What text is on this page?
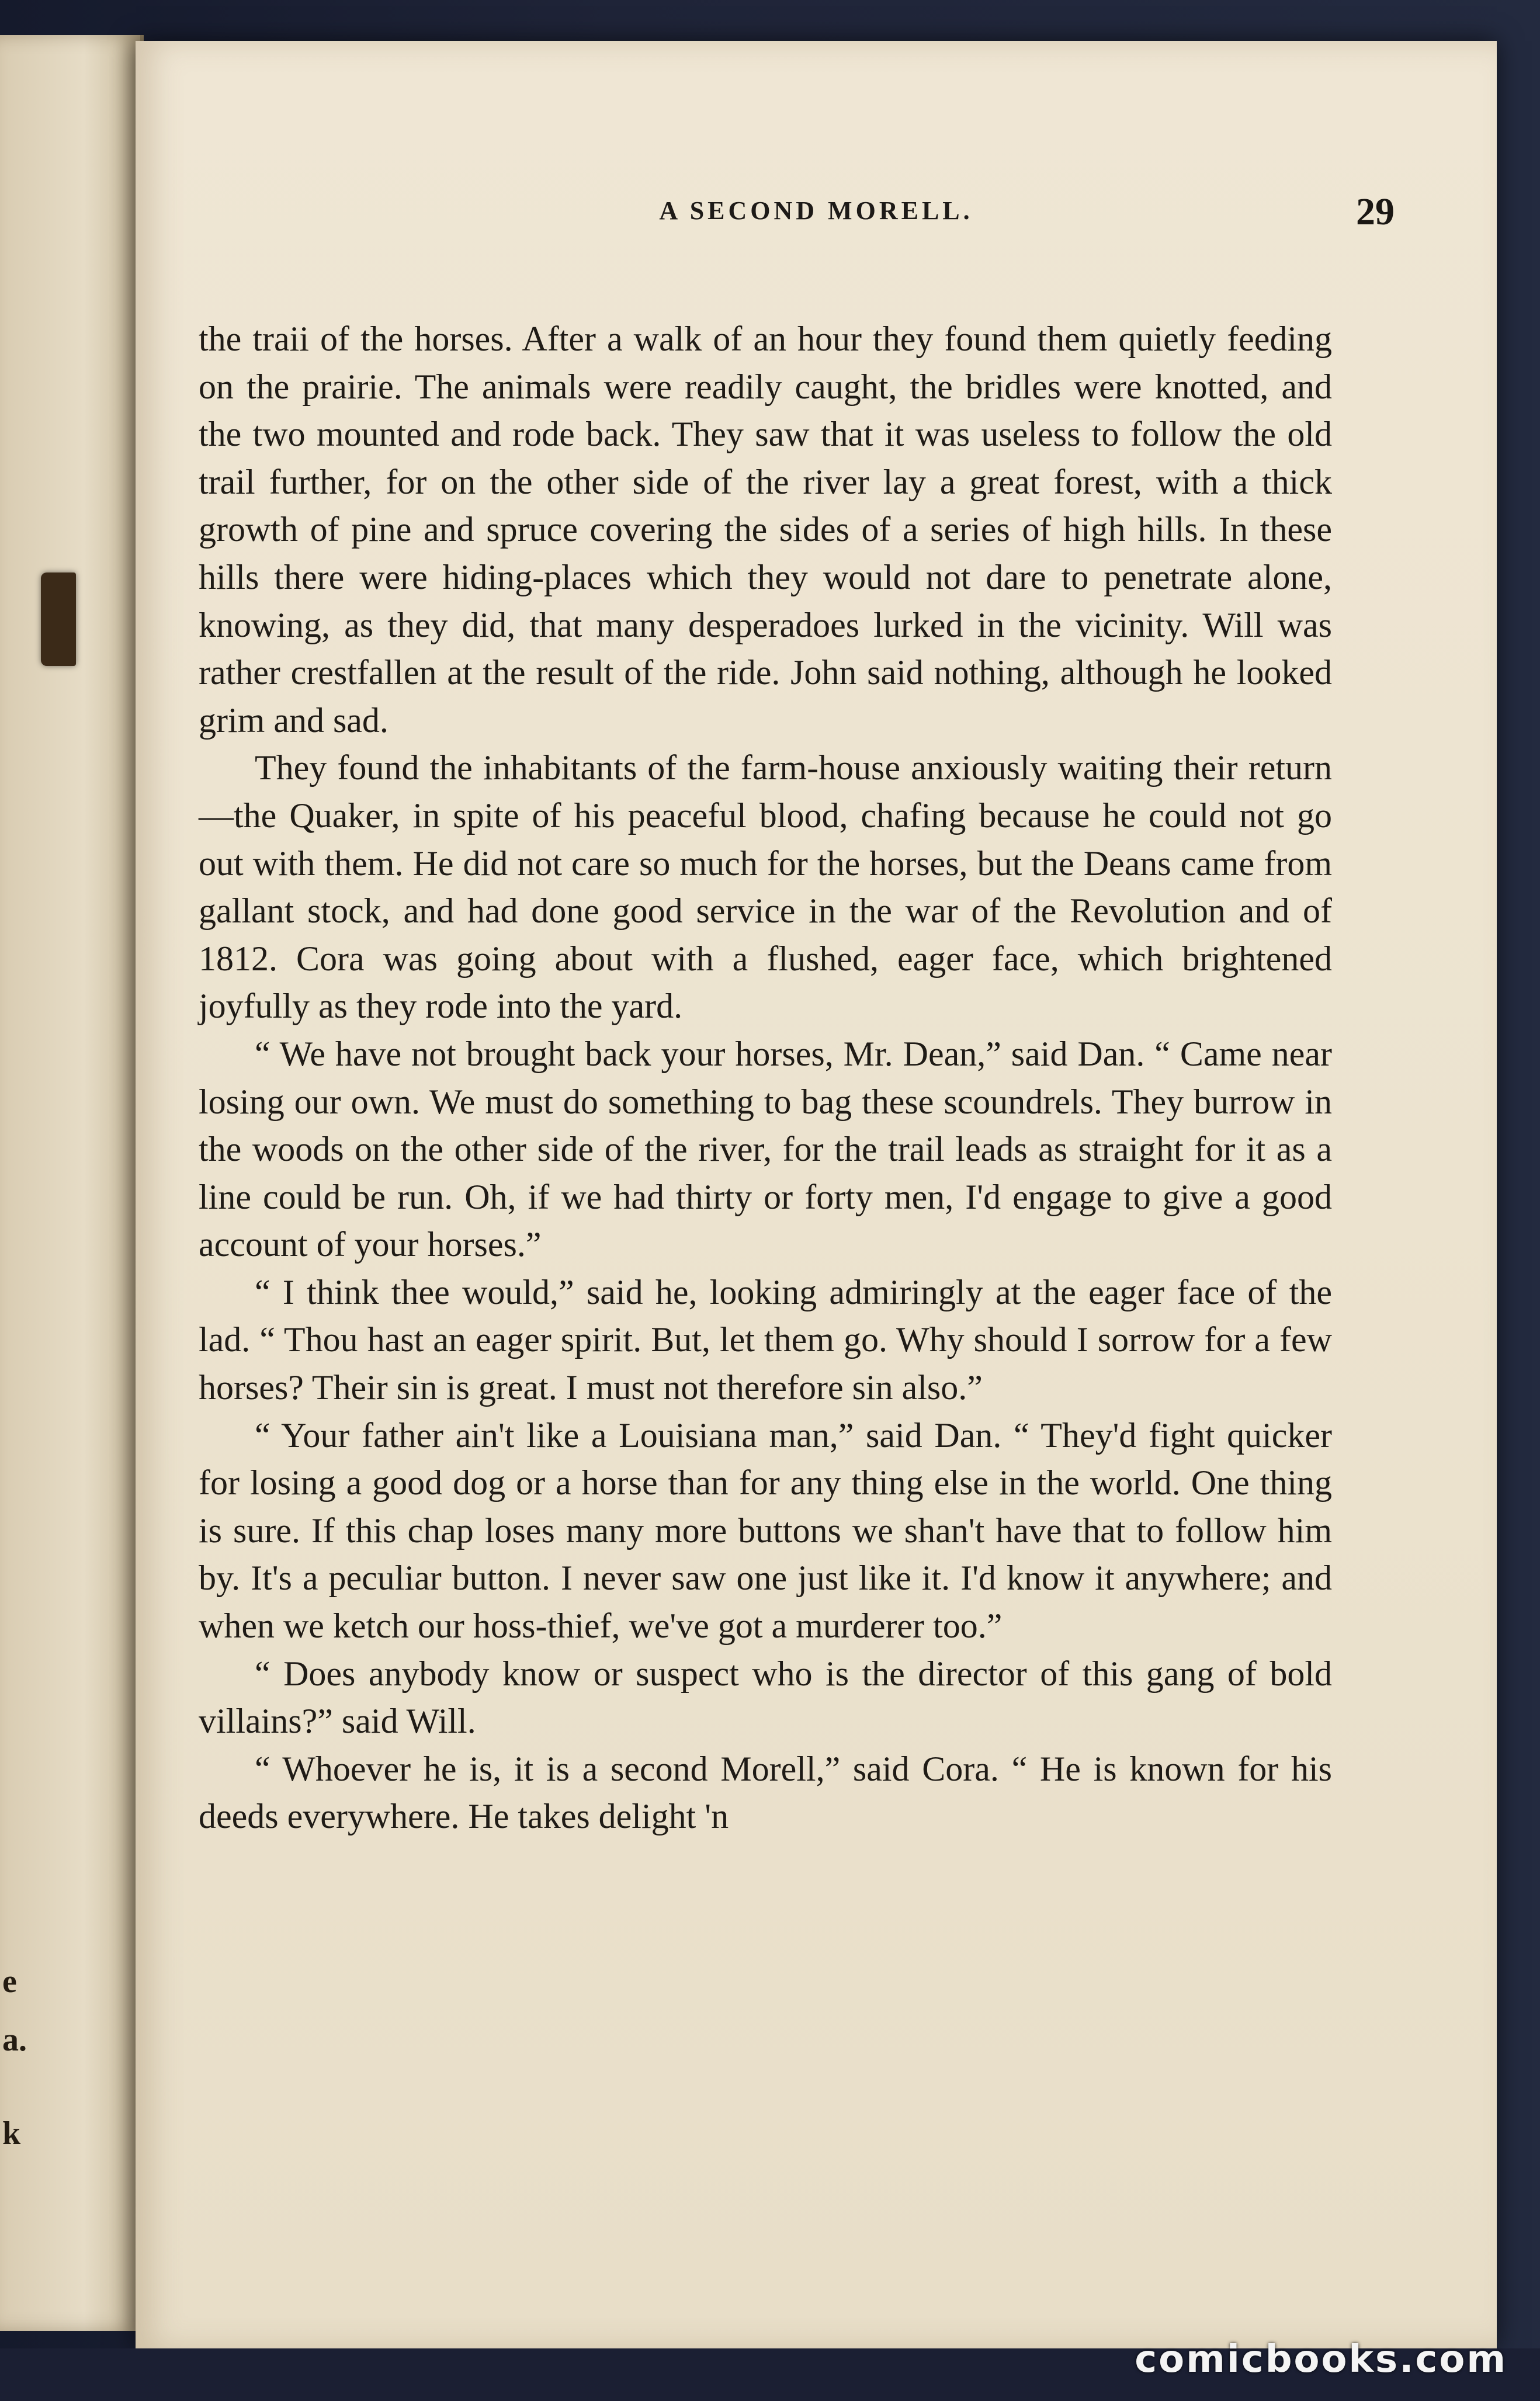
e
a.
k
A SECOND MORELL.	29

the traii of the horses. After a walk of an hour they found them quietly feeding on the prairie. The animals were readily caught, the bridles were knotted, and the two mounted and rode back. They saw that it was useless to follow the old trail further, for on the other side of the river lay a great forest, with a thick growth of pine and spruce covering the sides of a series of high hills. In these hills there were hiding-places which they would not dare to penetrate alone, knowing, as they did, that many desperadoes lurked in the vicinity. Will was rather crestfallen at the result of the ride. John said nothing, although he looked grim and sad.

They found the inhabitants of the farm-house anxiously waiting their return—the Quaker, in spite of his peaceful blood, chafing because he could not go out with them. He did not care so much for the horses, but the Deans came from gallant stock, and had done good service in the war of the Revolution and of 1812. Cora was going about with a flushed, eager face, which brightened joyfully as they rode into the yard.

“ We have not brought back your horses, Mr. Dean,” said Dan. “ Came near losing our own. We must do something to bag these scoundrels. They burrow in the woods on the other side of the river, for the trail leads as straight for it as a line could be run. Oh, if we had thirty or forty men, I'd engage to give a good account of your horses.”

“ I think thee would,” said he, looking admiringly at the eager face of the lad. “ Thou hast an eager spirit. But, let them go. Why should I sorrow for a few horses? Their sin is great. I must not therefore sin also.”

“ Your father ain't like a Louisiana man,” said Dan. “ They'd fight quicker for losing a good dog or a horse than for any thing else in the world. One thing is sure. If this chap loses many more buttons we shan't have that to follow him by. It's a peculiar button. I never saw one just like it. I'd know it anywhere; and when we ketch our hoss-thief, we've got a murderer too.”

“ Does anybody know or suspect who is the director of this gang of bold villains?” said Will.

“ Whoever he is, it is a second Morell,” said Cora. “ He is known for his deeds everywhere. He takes delight 'n

comicbooks.com
